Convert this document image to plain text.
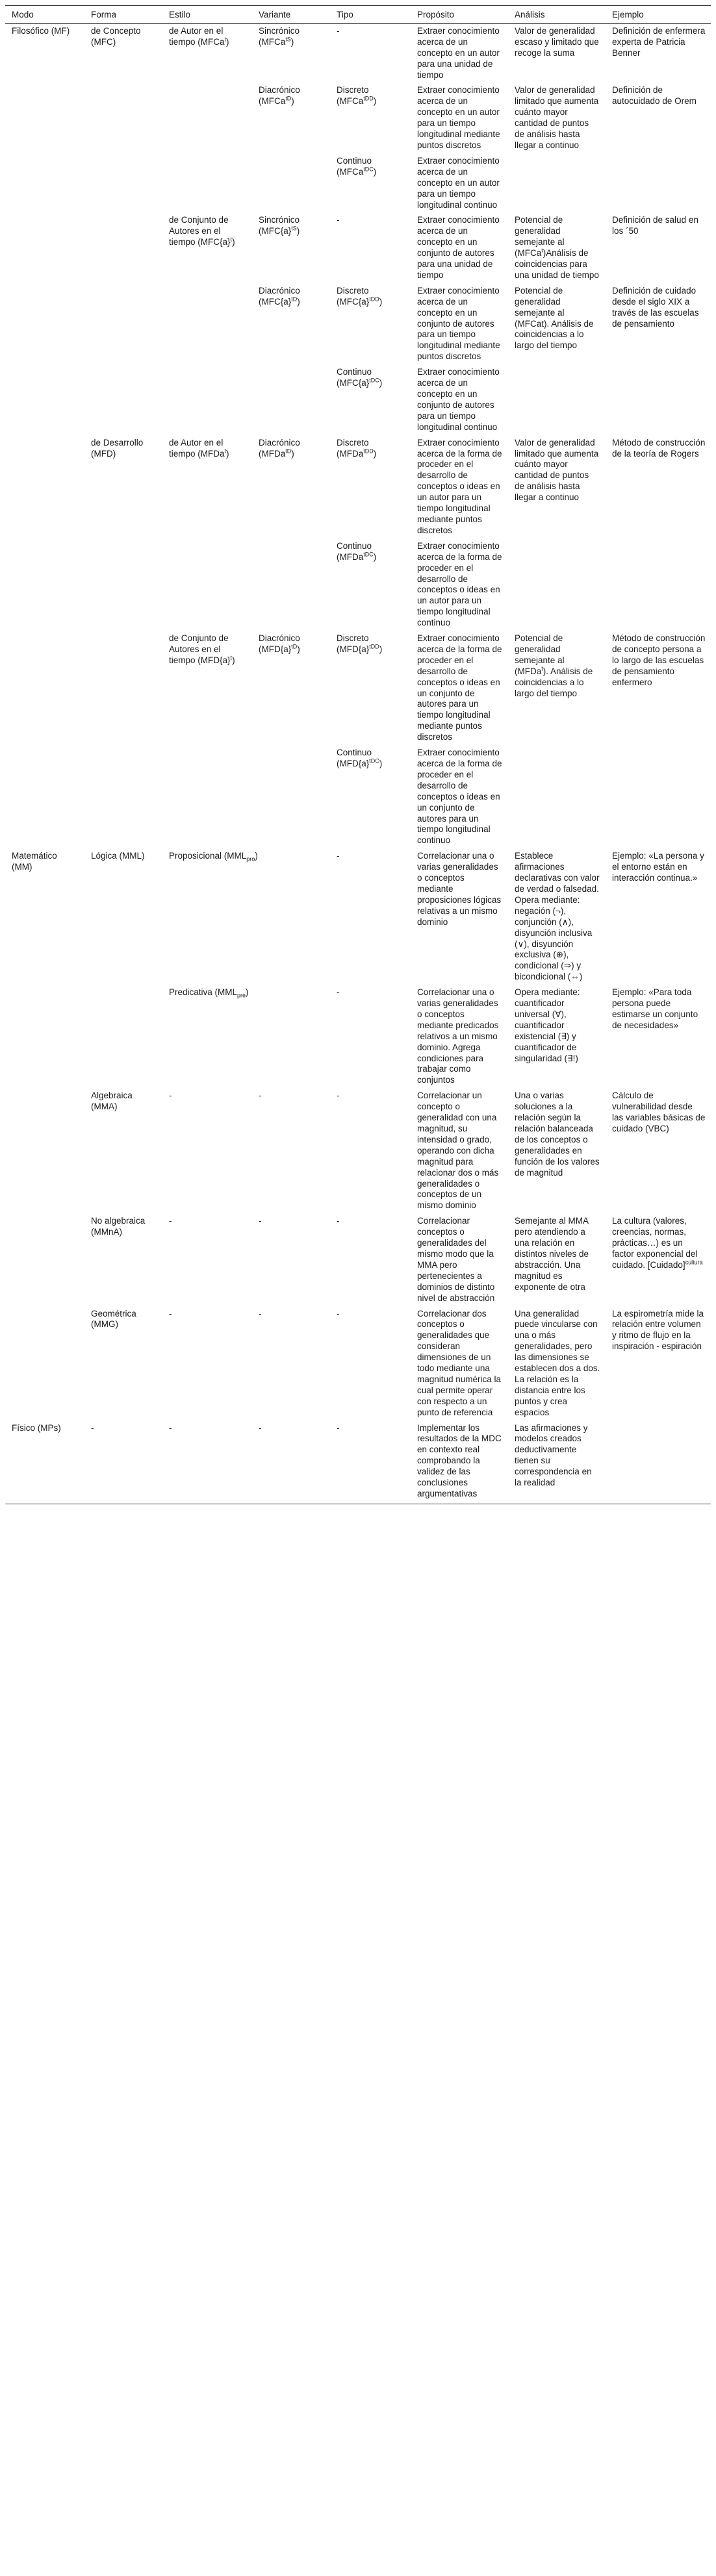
Modo	Forma	Estilo	Variante	Tipo	Propósito	Análisis	Ejemplo
Filosófico (MF)	de Concepto (MFC)	de Autor en el tiempo (MFCa$^t$)	Sincrónico (MFCa$^{tS}$)	-	Extraer conocimiento acerca de un concepto en un autor para una unidad de tiempo	Valor de generalidad escaso y limitado que recoge la suma	Definición de enfermera experta de Patricia Benner
			Diacrónico (MFCa$^{tD}$)	Discreto (MFCa$^{tDD}$)	Extraer conocimiento acerca de un concepto en un autor para un tiempo longitudinal mediante puntos discretos	Valor de generalidad limitado que aumenta cuánto mayor cantidad de puntos de análisis hasta llegar a continuo	Definición de autocuidado de Orem
				Continuo (MFCa$^{tDC}$)	Extraer conocimiento acerca de un concepto en un autor para un tiempo longitudinal continuo		
		de Conjunto de Autores en el tiempo $(MFC\{a\}^t)$	Sincrónico $(MFC\{a\}^{tS})$	-	Extraer conocimiento acerca de un concepto en un conjunto de autores para una unidad de tiempo	Potencial de generalidad semejante al (MFCa$^t$)Análisis de coincidencias para una unidad de tiempo	Definición de salud en los ´50
			Diacrónico $(MFC\{a\}^{tD})$	Discreto $(MFC\{a\}^{tDD})$	Extraer conocimiento acerca de un concepto en un conjunto de autores para un tiempo longitudinal mediante puntos discretos	Potencial de generalidad semejante al (MFCat). Análisis de coincidencias a lo largo del tiempo	Definición de cuidado desde el siglo XIX a través de las escuelas de pensamiento
				Continuo $(MFC\{a\}^{tDC})$	Extraer conocimiento acerca de un concepto en un conjunto de autores para un tiempo longitudinal continuo		

	de Desarrollo (MFD)	de Autor en el tiempo (MFDa$^t$)	Diacrónico (MFDa$^{tD}$)	Discreto (MFDa$^{tDD}$)	Extraer conocimiento acerca de la forma de proceder en el desarrollo de conceptos o ideas en un autor para un tiempo longitudinal mediante puntos discretos	Valor de generalidad limitado que aumenta cuánto mayor cantidad de puntos de análisis hasta llegar a continuo	Método de construcción de la teoría de Rogers
				Continuo (MFDa$^{tDC}$)	Extraer conocimiento acerca de la forma de proceder en el desarrollo de conceptos o ideas en un autor para un tiempo longitudinal continuo		
		de Conjunto de Autores en el tiempo $(MFD\{a\}^t)$	Diacrónico $(MFD\{a\}^{tD})$	Discreto $(MFD\{a\}^{tDD})$	Extraer conocimiento acerca de la forma de proceder en el desarrollo de conceptos o ideas en un conjunto de autores para un tiempo longitudinal mediante puntos discretos	Potencial de generalidad semejante al (MFDa$^t$). Análisis de coincidencias a lo largo del tiempo	Método de construcción de concepto persona a lo largo de las escuelas de pensamiento enfermero
				Continuo $(MFD\{a\}^{tDC})$	Extraer conocimiento acerca de la forma de proceder en el desarrollo de conceptos o ideas en un conjunto de autores para un tiempo longitudinal continuo		

Matemático (MM)	Lógica (MML)	Proposicional $(MML_{pro})$		-	Correlacionar una o varias generalidades o conceptos mediante proposiciones lógicas relativas a un mismo dominio	Establece afirmaciones declarativas con valor de verdad o falsedad. Opera mediante: negación (¬), conjunción (∧), disyunción inclusiva (∨), disyunción exclusiva (⊕), condicional (⇒) y bicondicional (⇔)	Ejemplo: «La persona y el entorno están en interacción continua.»
		Predicativa $(MML_{pre})$		-	Correlacionar una o varias generalidades o conceptos mediante predicados relativos a un mismo dominio. Agrega condiciones para trabajar como conjuntos	Opera mediante: cuantificador universal (∀), cuantificador existencial (∃) y cuantificador de singularidad (∃!)	Ejemplo: «Para toda persona puede estimarse un conjunto de necesidades»
	Algebraica (MMA)	-	-	-	Correlacionar un concepto o generalidad con una magnitud, su intensidad o grado, operando con dicha magnitud para relacionar dos o más generalidades o conceptos de un mismo dominio	Una o varias soluciones a la relación según la relación balanceada de los conceptos o generalidades en función de los valores de magnitud	Cálculo de vulnerabilidad desde las variables básicas de cuidado (VBC)
	No algebraica (MMnA)	-	-	-	Correlacionar conceptos o generalidades del mismo modo que la MMA pero pertenecientes a dominios de distinto nivel de abstracción	Semejante al MMA pero atendiendo a una relación en distintos niveles de abstracción. Una magnitud es exponente de otra	La cultura (valores, creencias, normas, prácticas…) es un factor exponencial del cuidado. [Cuidado]$^{cultura}$
	Geométrica (MMG)	-	-	-	Correlacionar dos conceptos o generalidades que consideran dimensiones de un todo mediante una magnitud numérica la cual permite operar con respecto a un punto de referencia	Una generalidad puede vincularse con una o más generalidades, pero las dimensiones se establecen dos a dos. La relación es la distancia entre los puntos y crea espacios	La espirometría mide la relación entre volumen y ritmo de flujo en la inspiración - espiración
Físico (MPs)	-	-	-	-	Implementar los resultados de la MDC en contexto real comprobando la validez de las conclusiones argumentativas	Las afirmaciones y modelos creados deductivamente tienen su correspondencia en la realidad	
